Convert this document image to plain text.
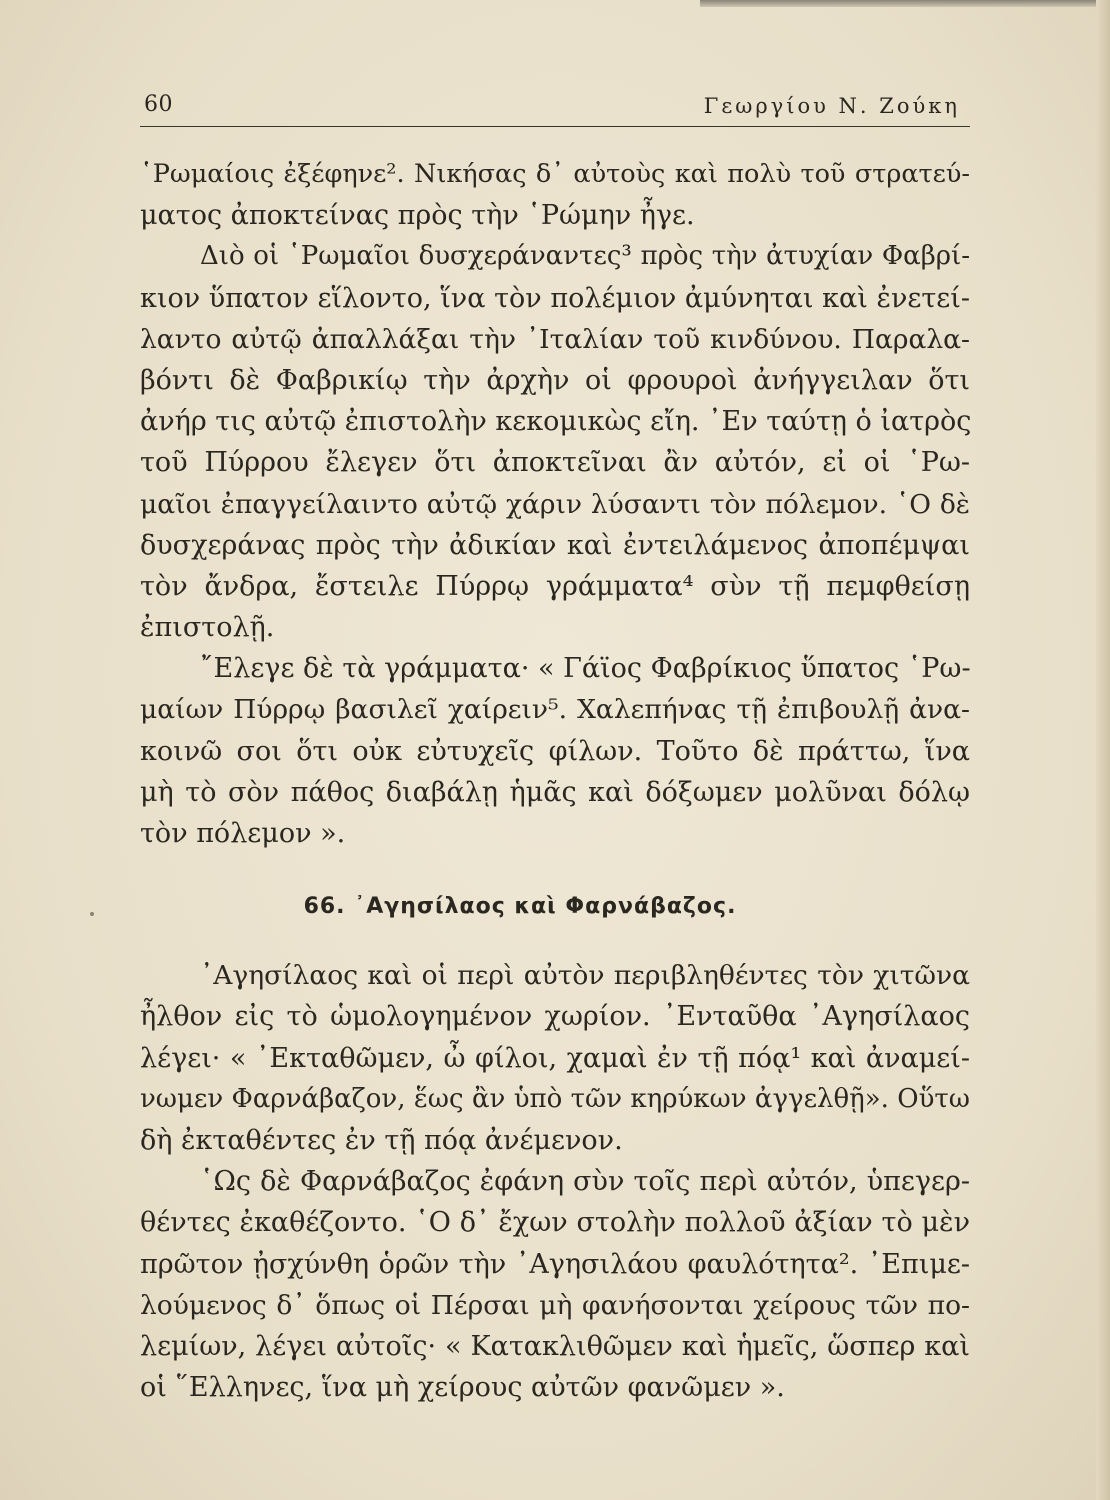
60	Γεωργίου Ν. Ζούκη
῾Ρωμαίοις ἐξέφηνε². Νικήσας δ᾽ αὐτοὺς καὶ πολὺ τοῦ στρατεύ-
ματος ἀποκτείνας πρὸς τὴν ῾Ρώμην ἦγε.
Διὸ οἱ ῾Ρωμαῖοι δυσχεράναντες³ πρὸς τὴν ἀτυχίαν Φαβρί-
κιον ὕπατον εἵλοντο, ἵνα τὸν πολέμιον ἀμύνηται καὶ ἐνετεί-
λαντο αὐτῷ ἀπαλλάξαι τὴν ᾽Ιταλίαν τοῦ κινδύνου. Παραλα-
βόντι δὲ Φαβρικίῳ τὴν ἀρχὴν οἱ φρουροὶ ἀνήγγειλαν ὅτι
ἀνήρ τις αὐτῷ ἐπιστολὴν κεκομικὼς εἴη. ᾽Εν ταύτῃ ὁ ἰατρὸς
τοῦ Πύρρου ἔλεγεν ὅτι ἀποκτεῖναι ἂν αὐτόν, εἰ οἱ ῾Ρω-
μαῖοι ἐπαγγείλαιντο αὐτῷ χάριν λύσαντι τὸν πόλεμον. ῾Ο δὲ
δυσχεράνας πρὸς τὴν ἀδικίαν καὶ ἐντειλάμενος ἀποπέμψαι
τὸν ἄνδρα, ἔστειλε Πύρρῳ γράμματα⁴ σὺν τῇ πεμφθείσῃ
ἐπιστολῇ.
῎Ελεγε δὲ τὰ γράμματα· « Γάϊος Φαβρίκιος ὕπατος ῾Ρω-
μαίων Πύρρῳ βασιλεῖ χαίρειν⁵. Χαλεπήνας τῇ ἐπιβουλῇ ἀνα-
κοινῶ σοι ὅτι οὐκ εὐτυχεῖς φίλων. Τοῦτο δὲ πράττω, ἵνα
μὴ τὸ σὸν πάθος διαβάλῃ ἡμᾶς καὶ δόξωμεν μολῦναι δόλῳ
τὸν πόλεμον ».
66. ᾽Αγησίλαος καὶ Φαρνάβαζος.
᾽Αγησίλαος καὶ οἱ περὶ αὐτὸν περιβληθέντες τὸν χιτῶνα
ἦλθον εἰς τὸ ὡμολογημένον χωρίον. ᾽Ενταῦθα ᾽Αγησίλαος
λέγει· « ᾽Εκταθῶμεν, ὦ φίλοι, χαμαὶ ἐν τῇ πόᾳ¹ καὶ ἀναμεί-
νωμεν Φαρνάβαζον, ἕως ἂν ὑπὸ τῶν κηρύκων ἀγγελθῇ». Οὕτω
δὴ ἐκταθέντες ἐν τῇ πόᾳ ἀνέμενον.
῾Ως δὲ Φαρνάβαζος ἐφάνη σὺν τοῖς περὶ αὐτόν, ὑπεγερ-
θέντες ἐκαθέζοντο. ῾Ο δ᾽ ἔχων στολὴν πολλοῦ ἀξίαν τὸ μὲν
πρῶτον ᾐσχύνθη ὁρῶν τὴν ᾽Αγησιλάου φαυλότητα². ᾽Επιμε-
λούμενος δ᾽ ὅπως οἱ Πέρσαι μὴ φανήσονται χείρους τῶν πο-
λεμίων, λέγει αὐτοῖς· « Κατακλιθῶμεν καὶ ἡμεῖς, ὥσπερ καὶ
οἱ ῞Ελληνες, ἵνα μὴ χείρους αὐτῶν φανῶμεν ».
